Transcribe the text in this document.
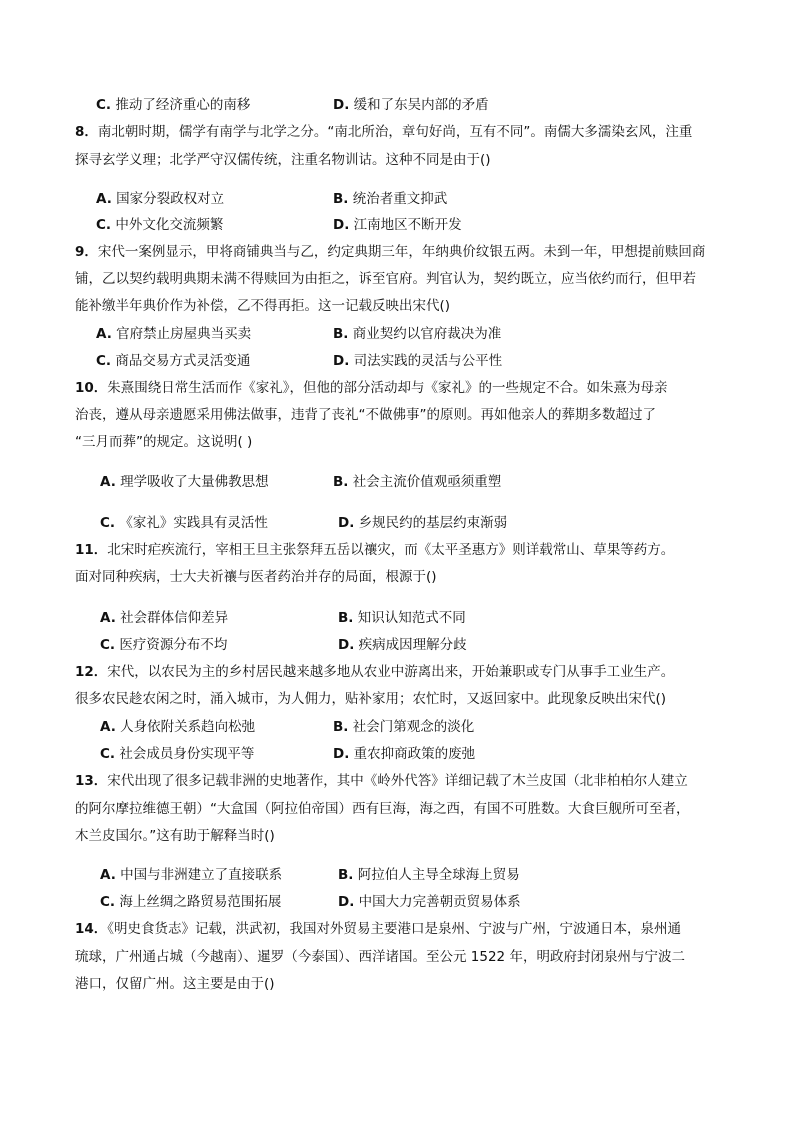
C. 推动了经济重心的南移	D. 缓和了东吴内部的矛盾
8．南北朝时期，儒学有南学与北学之分。“南北所治，章句好尚，互有不同”。南儒大多濡染玄风，注重
探寻玄学义理；北学严守汉儒传统，注重名物训诂。这种不同是由于()
A. 国家分裂政权对立	B. 统治者重文抑武
C. 中外文化交流频繁	D. 江南地区不断开发
9．宋代一案例显示，甲将商铺典当与乙，约定典期三年，年纳典价纹银五两。未到一年，甲想提前赎回商
铺，乙以契约载明典期未满不得赎回为由拒之，诉至官府。判官认为，契约既立，应当依约而行，但甲若
能补缴半年典价作为补偿，乙不得再拒。这一记载反映出宋代()
A. 官府禁止房屋典当买卖	B. 商业契约以官府裁决为准
C. 商品交易方式灵活变通	D. 司法实践的灵活与公平性
10．朱熹围绕日常生活而作《家礼》，但他的部分活动却与《家礼》的一些规定不合。如朱熹为母亲
治丧，遵从母亲遗愿采用佛法做事，违背了丧礼“不做佛事”的原则。再如他亲人的葬期多数超过了
“三月而葬”的规定。这说明( )
A. 理学吸收了大量佛教思想	B. 社会主流价值观亟须重塑
C. 《家礼》实践具有灵活性	D. 乡规民约的基层约束渐弱
11．北宋时疟疾流行，宰相王旦主张祭拜五岳以禳灾，而《太平圣惠方》则详载常山、草果等药方。
面对同种疾病，士大夫祈禳与医者药治并存的局面，根源于()
A. 社会群体信仰差异	B. 知识认知范式不同
C. 医疗资源分布不均	D. 疾病成因理解分歧
12．宋代，以农民为主的乡村居民越来越多地从农业中游离出来，开始兼职或专门从事手工业生产。
很多农民趁农闲之时，涌入城市，为人佣力，贴补家用；农忙时，又返回家中。此现象反映出宋代()
A. 人身依附关系趋向松弛	B. 社会门第观念的淡化
C. 社会成员身份实现平等	D. 重农抑商政策的废弛
13．宋代出现了很多记载非洲的史地著作，其中《岭外代答》详细记载了木兰皮国（北非柏柏尔人建立
的阿尔摩拉维德王朝）“大盒国（阿拉伯帝国）西有巨海，海之西，有国不可胜数。大食巨舰所可至者，
木兰皮国尔。”这有助于解释当时()
A. 中国与非洲建立了直接联系	B. 阿拉伯人主导全球海上贸易
C. 海上丝绸之路贸易范围拓展	D. 中国大力完善朝贡贸易体系
14．《明史食货志》记载，洪武初，我国对外贸易主要港口是泉州、宁波与广州，宁波通日本，泉州通
琉球，广州通占城（今越南）、暹罗（今泰国）、西洋诸国。至公元 1522 年，明政府封闭泉州与宁波二
港口，仅留广州。这主要是由于()
